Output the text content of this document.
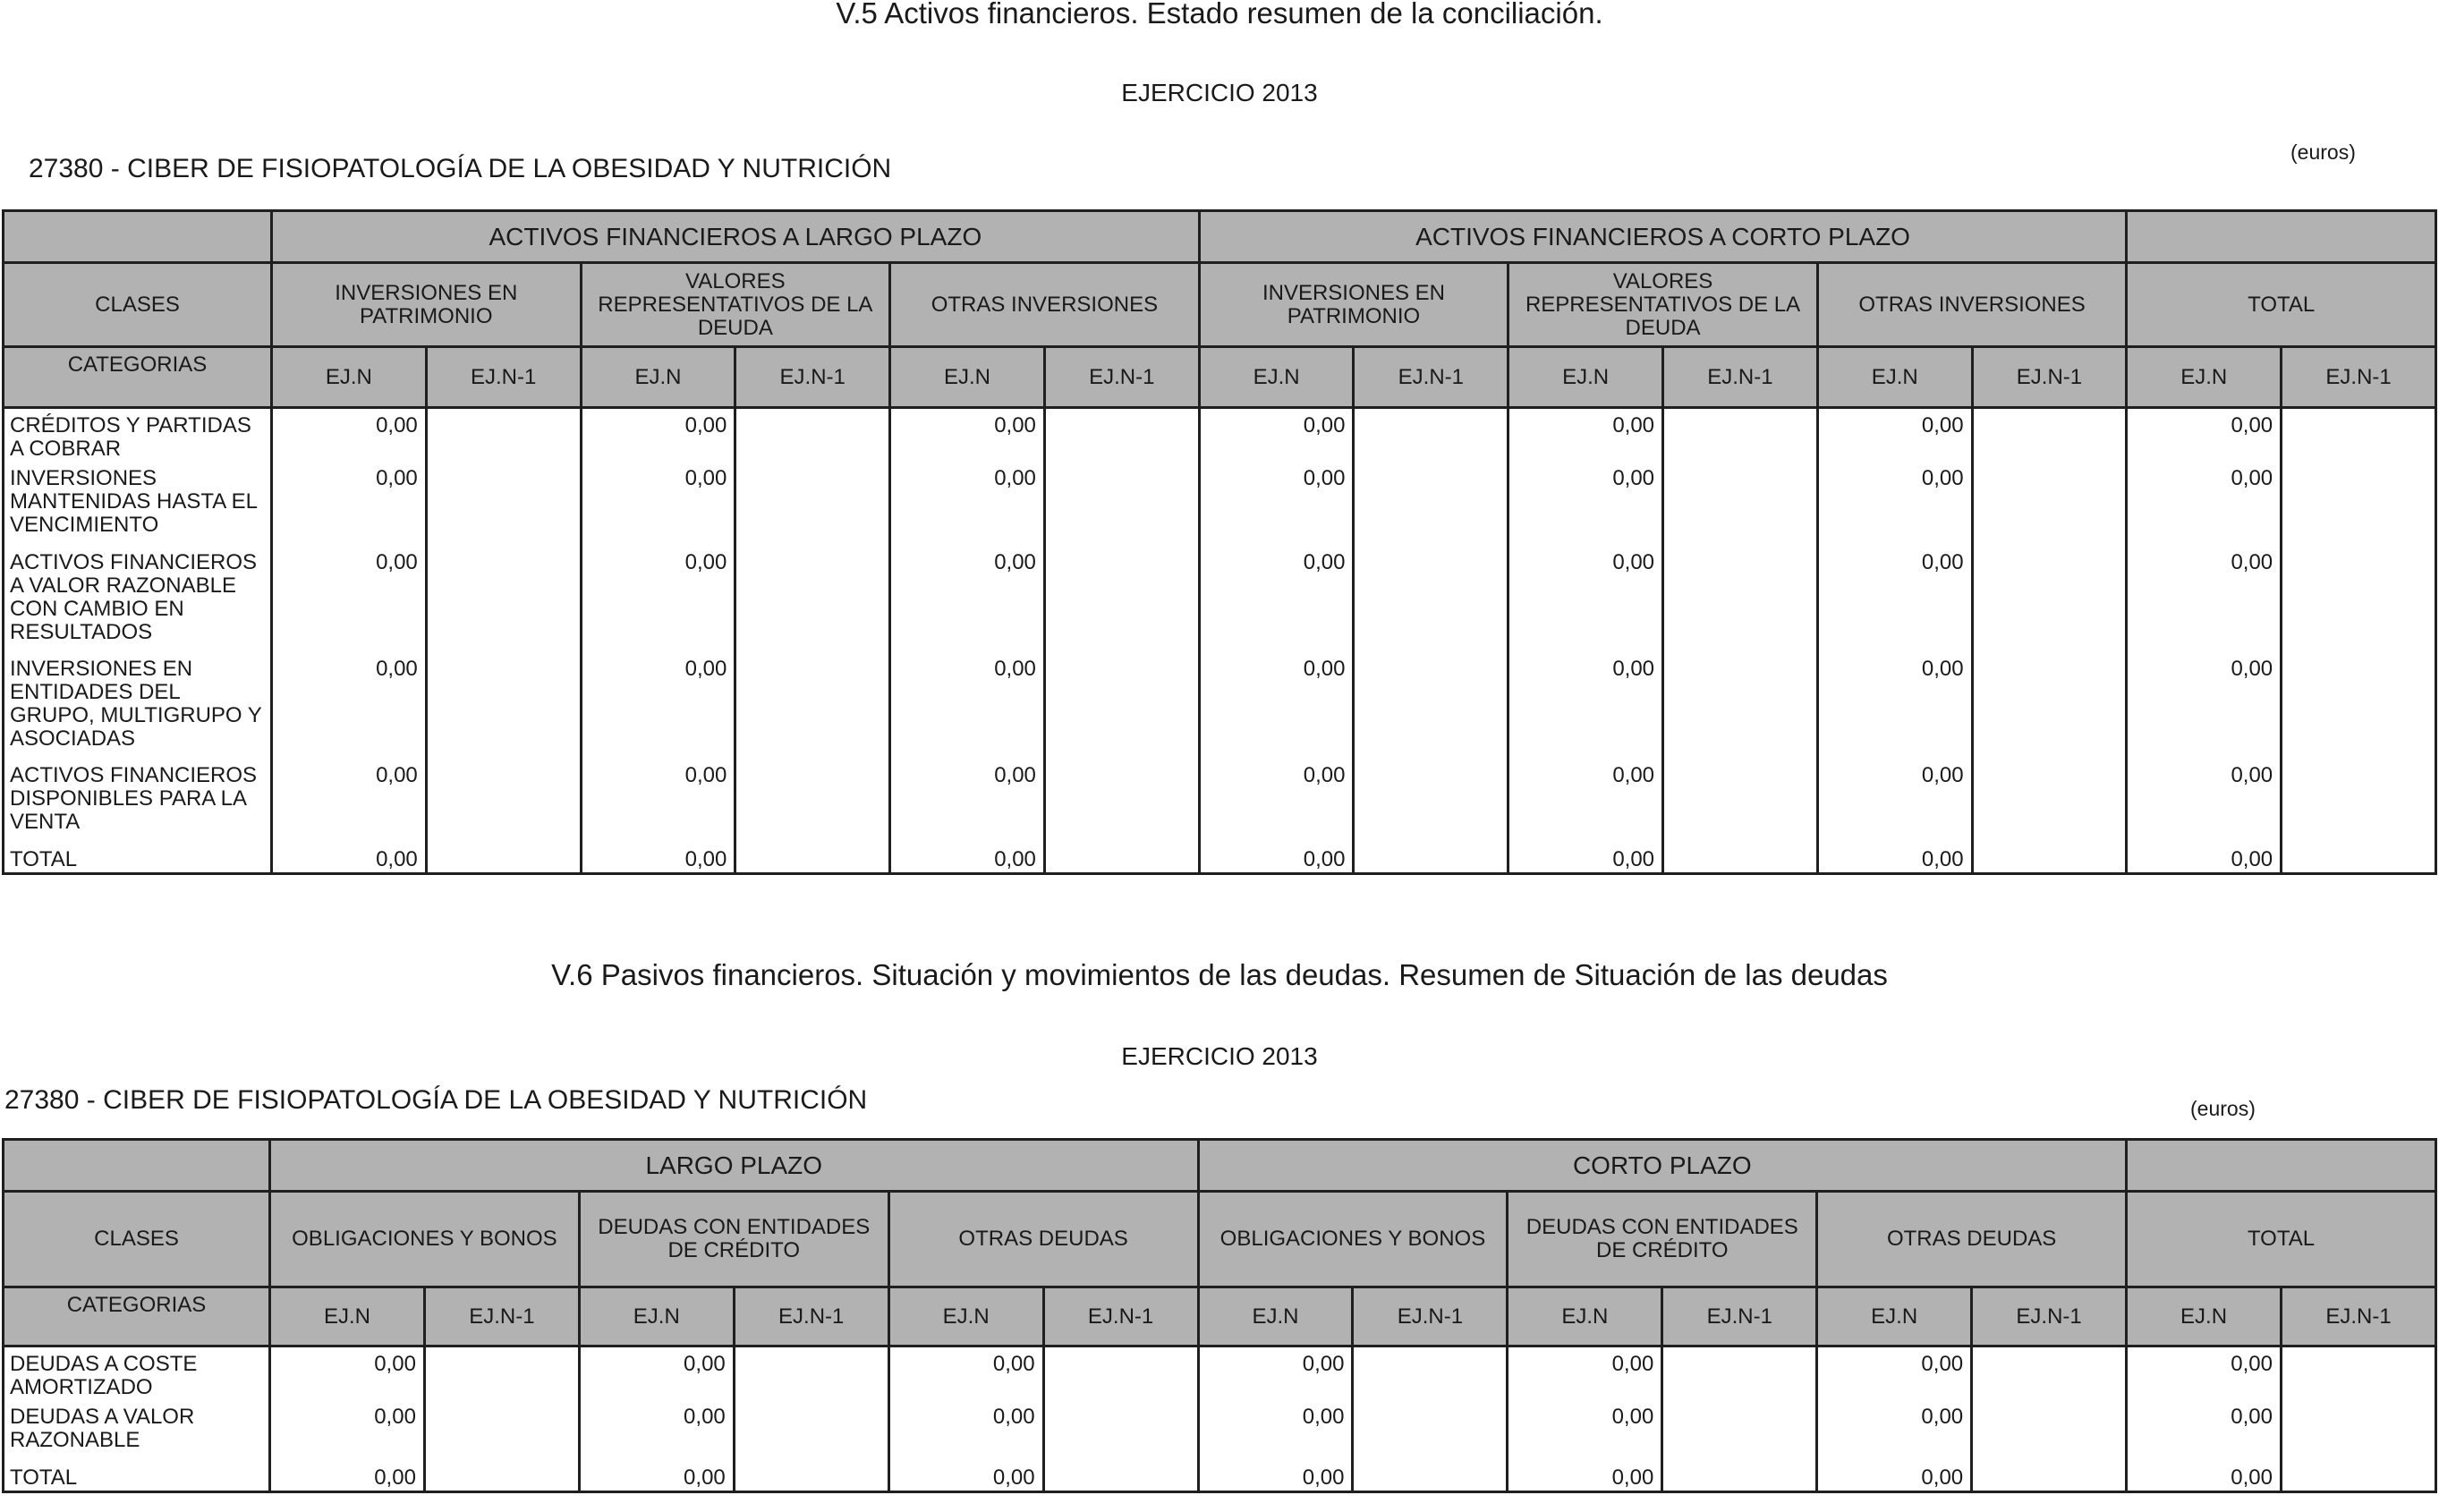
V.5 Activos financieros. Estado resumen de la conciliación.
EJERCICIO 2013
27380 - CIBER DE FISIOPATOLOGÍA DE LA OBESIDAD Y NUTRICIÓN
(euros)
	ACTIVOS FINANCIEROS A LARGO PLAZO						ACTIVOS FINANCIEROS A CORTO PLAZO							
CLASES	INVERSIONES EN PATRIMONIO		VALORES REPRESENTATIVOS DE LA DEUDA		OTRAS INVERSIONES		INVERSIONES EN PATRIMONIO		VALORES REPRESENTATIVOS DE LA DEUDA		OTRAS INVERSIONES		TOTAL	
CATEGORIAS	EJ.N	EJ.N-1	EJ.N	EJ.N-1	EJ.N	EJ.N-1	EJ.N	EJ.N-1	EJ.N	EJ.N-1	EJ.N	EJ.N-1	EJ.N	EJ.N-1
CRÉDITOS Y PARTIDAS A COBRAR	0,00		0,00		0,00		0,00		0,00		0,00		0,00	
INVERSIONES MANTENIDAS HASTA EL VENCIMIENTO	0,00		0,00		0,00		0,00		0,00		0,00		0,00	
ACTIVOS FINANCIEROS A VALOR RAZONABLE CON CAMBIO EN RESULTADOS	0,00		0,00		0,00		0,00		0,00		0,00		0,00	
INVERSIONES EN ENTIDADES DEL GRUPO, MULTIGRUPO Y ASOCIADAS	0,00		0,00		0,00		0,00		0,00		0,00		0,00	
ACTIVOS FINANCIEROS DISPONIBLES PARA LA VENTA	0,00		0,00		0,00		0,00		0,00		0,00		0,00	
TOTAL	0,00		0,00		0,00		0,00		0,00		0,00		0,00	
V.6 Pasivos financieros. Situación y movimientos de las deudas. Resumen de Situación de las deudas
EJERCICIO 2013
27380 - CIBER DE FISIOPATOLOGÍA DE LA OBESIDAD Y NUTRICIÓN	(euros)
	LARGO PLAZO						CORTO PLAZO							
CLASES	OBLIGACIONES Y BONOS		DEUDAS CON ENTIDADES DE CRÉDITO		OTRAS DEUDAS		OBLIGACIONES Y BONOS		DEUDAS CON ENTIDADES DE CRÉDITO		OTRAS DEUDAS		TOTAL	
CATEGORIAS	EJ.N	EJ.N-1	EJ.N	EJ.N-1	EJ.N	EJ.N-1	EJ.N	EJ.N-1	EJ.N	EJ.N-1	EJ.N	EJ.N-1	EJ.N	EJ.N-1
DEUDAS A COSTE AMORTIZADO	0,00		0,00		0,00		0,00		0,00		0,00		0,00	
DEUDAS A VALOR RAZONABLE	0,00		0,00		0,00		0,00		0,00		0,00		0,00	
TOTAL	0,00		0,00		0,00		0,00		0,00		0,00		0,00	
